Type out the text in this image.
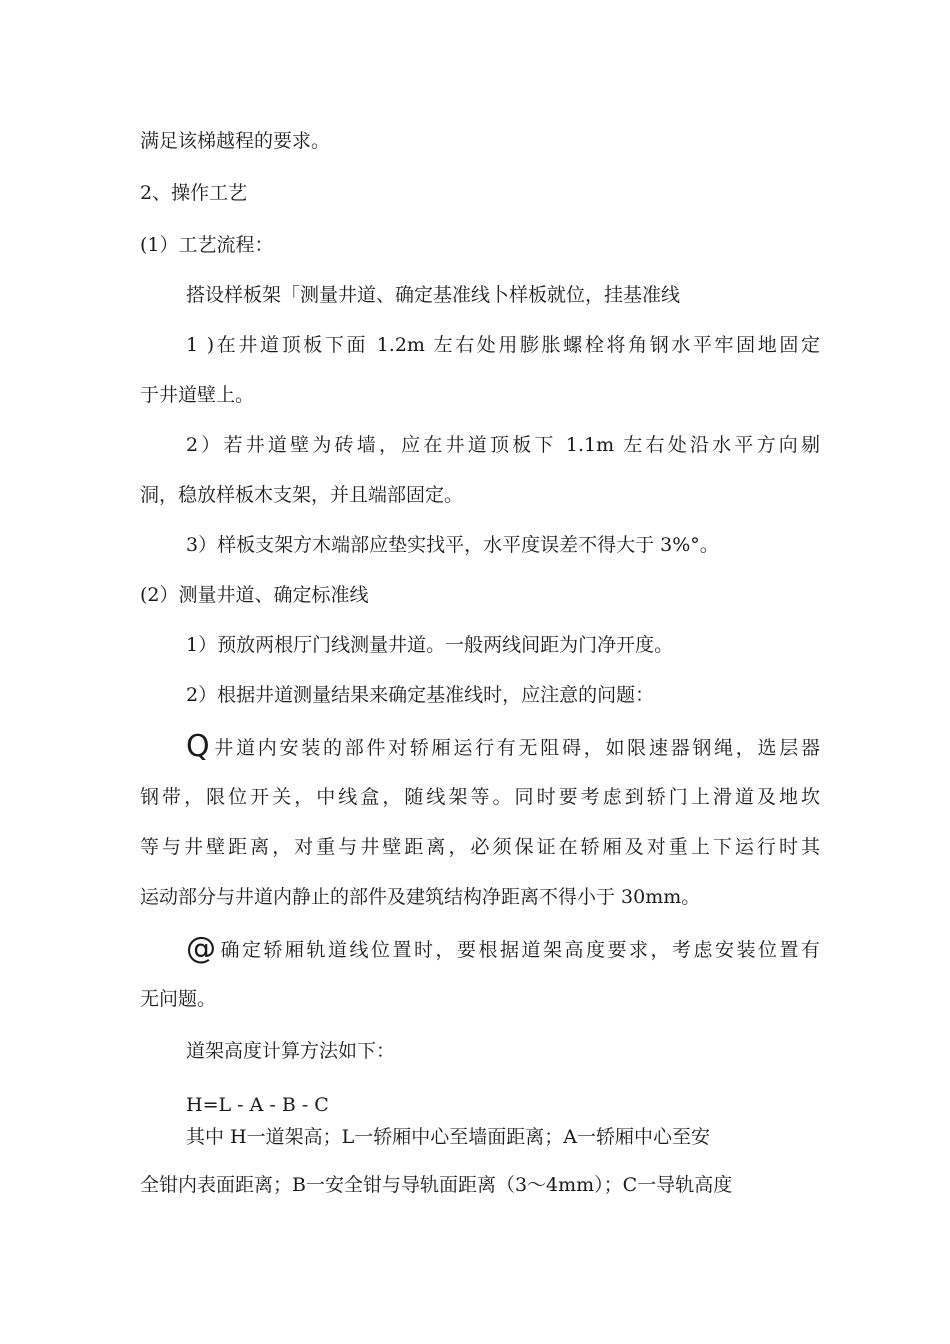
满足该梯越程的要求。
2、操作工艺
(1）工艺流程：
搭设样板架「测量井道、确定基准线卜样板就位，挂基准线
1 )在井道顶板下面 1.2m 左右处用膨胀螺栓将角钢水平牢固地固定
于井道壁上。
2）若井道壁为砖墙，应在井道顶板下 1.1m 左右处沿水平方向剔
洞，稳放样板木支架，并且端部固定。
3）样板支架方木端部应垫实找平，水平度误差不得大于 3%°。
(2）测量井道、确定标准线
1）预放两根厅门线测量井道。一般两线间距为门净开度。
2）根据井道测量结果来确定基准线时，应注意的问题：
Q井道内安装的部件对轿厢运行有无阻碍，如限速器钢绳，选层器
钢带，限位开关，中线盒，随线架等。同时要考虑到轿门上滑道及地坎
等与井壁距离，对重与井壁距离，必须保证在轿厢及对重上下运行时其
运动部分与井道内静止的部件及建筑结构净距离不得小于 30mm。
@ 确定轿厢轨道线位置时，要根据道架高度要求，考虑安装位置有
无问题。
道架高度计算方法如下：
H=L - A - B - C
其中 H一道架高；L一轿厢中心至墙面距离；A一轿厢中心至安
全钳内表面距离；B一安全钳与导轨面距离（3〜4mm）；C一导轨高度
